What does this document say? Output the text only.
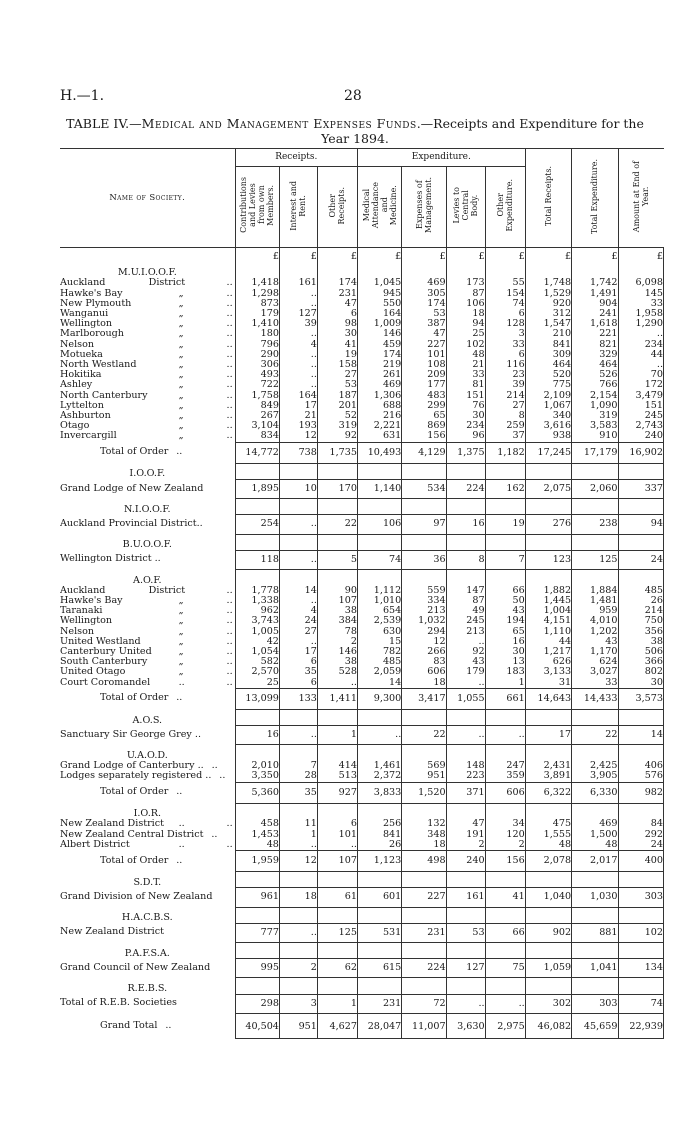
H.—1.	28
TABLE IV.—Medical and Management Expenses Funds.—Receipts and Expenditure for the
Year 1894.
Name of Society.	Receipts.			Expenditure.				Total Receipts.	Total Expenditure.	Amount at End of
Year.
	Contributions
and Levies
from own
Members.	Interest and
Rent.	Other
Receipts.	Medical
Attendance
and
Medicine.	Expenses of
Management.	Levies to
Central
Body.	Other
Expenditure.			
	£	£	£	£	£	£	£	£	£	£
M.U.I.O.O.F.										

Auckland District ..	1,418	161	174	1,045	469	173	55	1,748	1,742	6,098

Hawke's Bay „ ..	1,298	..	231	945	305	87	154	1,529	1,491	145

New Plymouth „ ..	873	..	47	550	174	106	74	920	904	33

Wanganui „ ..	179	127	6	164	53	18	6	312	241	1,958

Wellington „ ..	1,410	39	98	1,009	387	94	128	1,547	1,618	1,290

Marlborough „ ..	180	..	30	146	47	25	3	210	221	..

Nelson „ ..	796	4	41	459	227	102	33	841	821	234

Motueka „ ..	290	..	19	174	101	48	6	309	329	44

North Westland „ ..	306	..	158	219	108	21	116	464	464	..

Hokitika „ ..	493	..	27	261	209	33	23	520	526	70

Ashley „ ..	722	..	53	469	177	81	39	775	766	172

North Canterbury „ ..	1,758	164	187	1,306	483	151	214	2,109	2,154	3,479

Lyttelton „ ..	849	17	201	688	299	76	27	1,067	1,090	151

Ashburton „ ..	267	21	52	216	65	30	8	340	319	245

Otago „ ..	3,104	193	319	2,221	869	234	259	3,616	3,583	2,743

Invercargill „ ..	834	12	92	631	156	96	37	938	910	240

Total of Order ..	14,772	738	1,735	10,493	4,129	1,375	1,182	17,245	17,179	16,902
I.O.O.F.										
Grand Lodge of New Zealand	1,895	10	170	1,140	534	224	162	2,075	2,060	337
N.I.O.O.F.										
Auckland Provincial District..	254	..	22	106	97	16	19	276	238	94
B.U.O.O.F.										
Wellington District ..	118	..	5	74	36	8	7	123	125	24
A.O.F.										

Auckland District ..	1,778	14	90	1,112	559	147	66	1,882	1,884	485

Hawke's Bay „ ..	1,338	..	107	1,010	334	87	50	1,445	1,481	26

Taranaki „ ..	962	4	38	654	213	49	43	1,004	959	214

Wellington „ ..	3,743	24	384	2,539	1,032	245	194	4,151	4,010	750

Nelson „ ..	1,005	27	78	630	294	213	65	1,110	1,202	356

United Westland „ ..	42	..	2	15	12	..	16	44	43	38

Canterbury United „ ..	1,054	17	146	782	266	92	30	1,217	1,170	506

South Canterbury „ ..	582	6	38	485	83	43	13	626	624	366

United Otago „ ..	2,570	35	528	2,059	606	179	183	3,133	3,027	802

Court Coromandel .. ..	25	6	..	14	18	..	1	31	33	30

Total of Order ..	13,099	133	1,411	9,300	3,417	1,055	661	14,643	14,433	3,573
A.O.S.										
Sanctuary Sir George Grey ..	16	..	1	..	22	..	..	17	22	14
U.A.O.D.										

Grand Lodge of Canterbury .. ..	2,010	7	414	1,461	569	148	247	2,431	2,425	406

Lodges separately registered .. ..	3,350	28	513	2,372	951	223	359	3,891	3,905	576

Total of Order ..	5,360	35	927	3,833	1,520	371	606	6,322	6,330	982
I.O.R.										

New Zealand District .. ..	458	11	6	256	132	47	34	475	469	84

New Zealand Central District ..	1,453	1	101	841	348	191	120	1,555	1,500	292

Albert District .. ..	48	..	..	26	18	2	2	48	48	24

Total of Order ..	1,959	12	107	1,123	498	240	156	2,078	2,017	400
S.D.T.										
Grand Division of New Zealand	961	18	61	601	227	161	41	1,040	1,030	303
H.A.C.B.S.										
New Zealand District	777	..	125	531	231	53	66	902	881	102
P.A.F.S.A.										
Grand Council of New Zealand	995	2	62	615	224	127	75	1,059	1,041	134
R.E.B.S.										
Total of R.E.B. Societies	298	3	1	231	72	..	..	302	303	74

Grand Total ..	40,504	951	4,627	28,047	11,007	3,630	2,975	46,082	45,659	22,939
